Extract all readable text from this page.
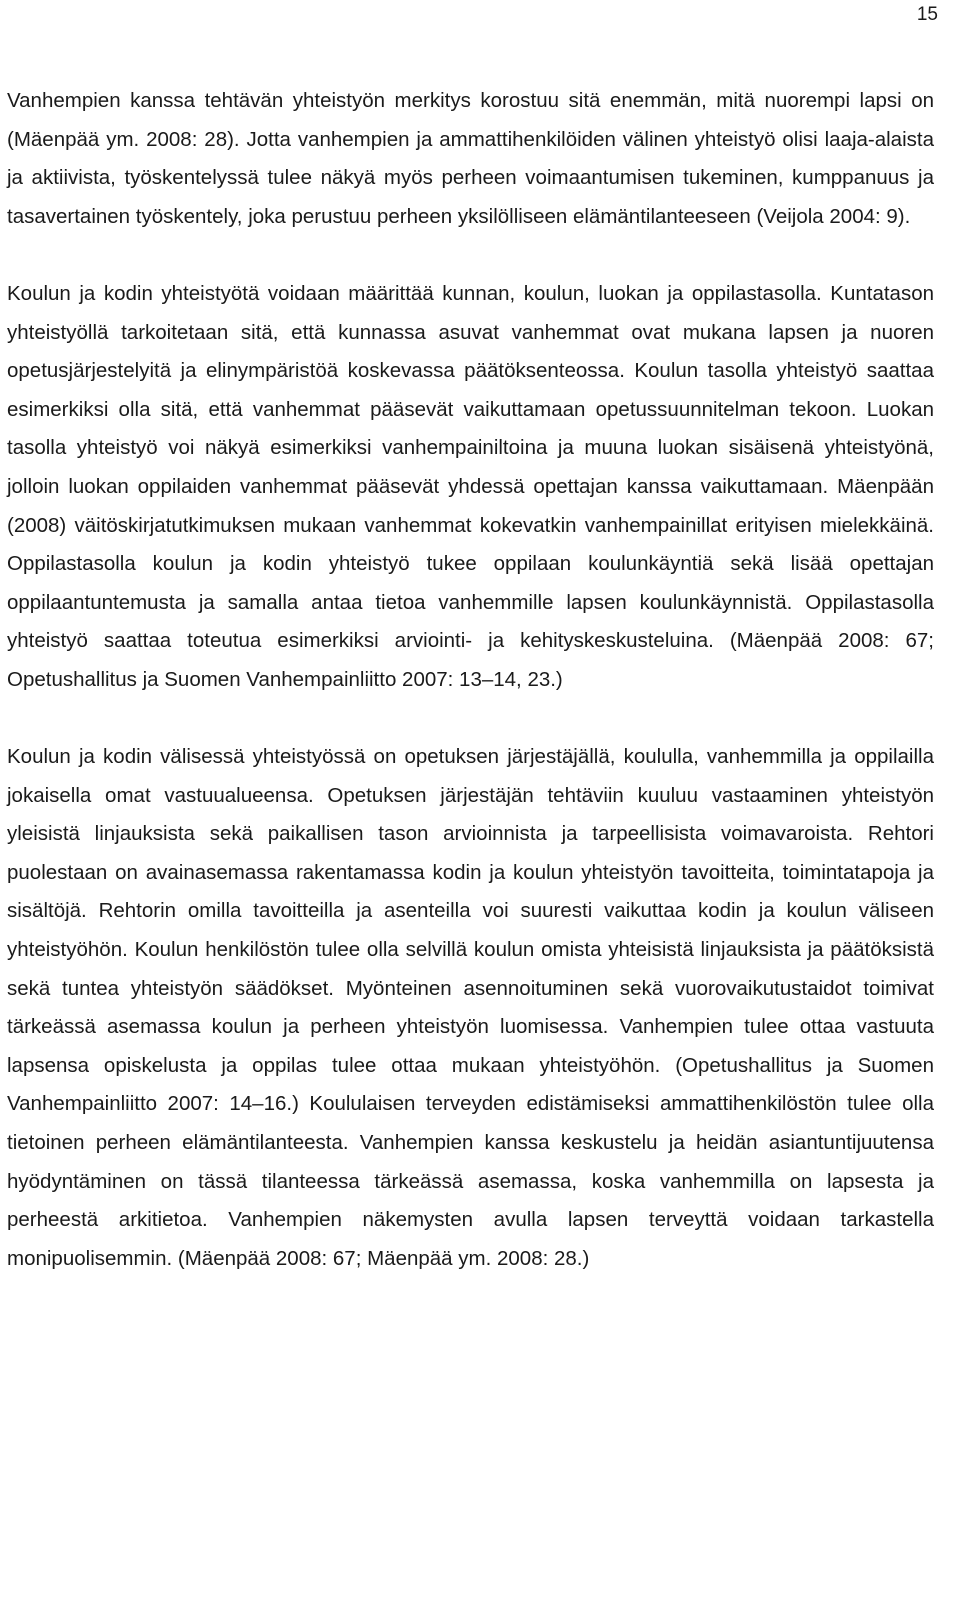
15

Vanhempien kanssa tehtävän yhteistyön merkitys korostuu sitä enemmän, mitä nuorempi lapsi on (Mäenpää ym. 2008: 28). Jotta vanhempien ja ammattihenkilöiden välinen yhteistyö olisi laaja-alaista ja aktiivista, työskentelyssä tulee näkyä myös perheen voimaantumisen tukeminen, kumppanuus ja tasavertainen työskentely, joka perustuu perheen yksilölliseen elämäntilanteeseen (Veijola 2004: 9).

Koulun ja kodin yhteistyötä voidaan määrittää kunnan, koulun, luokan ja oppilastasolla. Kuntatason yhteistyöllä tarkoitetaan sitä, että kunnassa asuvat vanhemmat ovat mukana lapsen ja nuoren opetusjärjestelyitä ja elinympäristöä koskevassa päätöksenteossa. Koulun tasolla yhteistyö saattaa esimerkiksi olla sitä, että vanhemmat pääsevät vaikuttamaan opetussuunnitelman tekoon. Luokan tasolla yhteistyö voi näkyä esimerkiksi vanhempainiltoina ja muuna luokan sisäisenä yhteistyönä, jolloin luokan oppilaiden vanhemmat pääsevät yhdessä opettajan kanssa vaikuttamaan. Mäenpään (2008) väitöskirjatutkimuksen mukaan vanhemmat kokevatkin vanhempainillat erityisen mielekkäinä. Oppilastasolla koulun ja kodin yhteistyö tukee oppilaan koulunkäyntiä sekä lisää opettajan oppilaantuntemusta ja samalla antaa tietoa vanhemmille lapsen koulunkäynnistä. Oppilastasolla yhteistyö saattaa toteutua esimerkiksi arviointi- ja kehityskeskusteluina. (Mäenpää 2008: 67; Opetushallitus ja Suomen Vanhempainliitto 2007: 13–14, 23.)

Koulun ja kodin välisessä yhteistyössä on opetuksen järjestäjällä, koululla, vanhemmilla ja oppilailla jokaisella omat vastuualueensa. Opetuksen järjestäjän tehtäviin kuuluu vastaaminen yhteistyön yleisistä linjauksista sekä paikallisen tason arvioinnista ja tarpeellisista voimavaroista. Rehtori puolestaan on avainasemassa rakentamassa kodin ja koulun yhteistyön tavoitteita, toimintatapoja ja sisältöjä. Rehtorin omilla tavoitteilla ja asenteilla voi suuresti vaikuttaa kodin ja koulun väliseen yhteistyöhön. Koulun henkilöstön tulee olla selvillä koulun omista yhteisistä linjauksista ja päätöksistä sekä tuntea yhteistyön säädökset. Myönteinen asennoituminen sekä vuorovaikutustaidot toimivat tärkeässä asemassa koulun ja perheen yhteistyön luomisessa. Vanhempien tulee ottaa vastuuta lapsensa opiskelusta ja oppilas tulee ottaa mukaan yhteistyöhön. (Opetushallitus ja Suomen Vanhempainliitto 2007: 14–16.) Koululaisen terveyden edistämiseksi ammattihenkilöstön tulee olla tietoinen perheen elämäntilanteesta. Vanhempien kanssa keskustelu ja heidän asiantuntijuutensa hyödyntäminen on tässä tilanteessa tärkeässä asemassa, koska vanhemmilla on lapsesta ja perheestä arkitietoa. Vanhempien näkemysten avulla lapsen terveyttä voidaan tarkastella monipuolisemmin. (Mäenpää 2008: 67; Mäenpää ym. 2008: 28.)
